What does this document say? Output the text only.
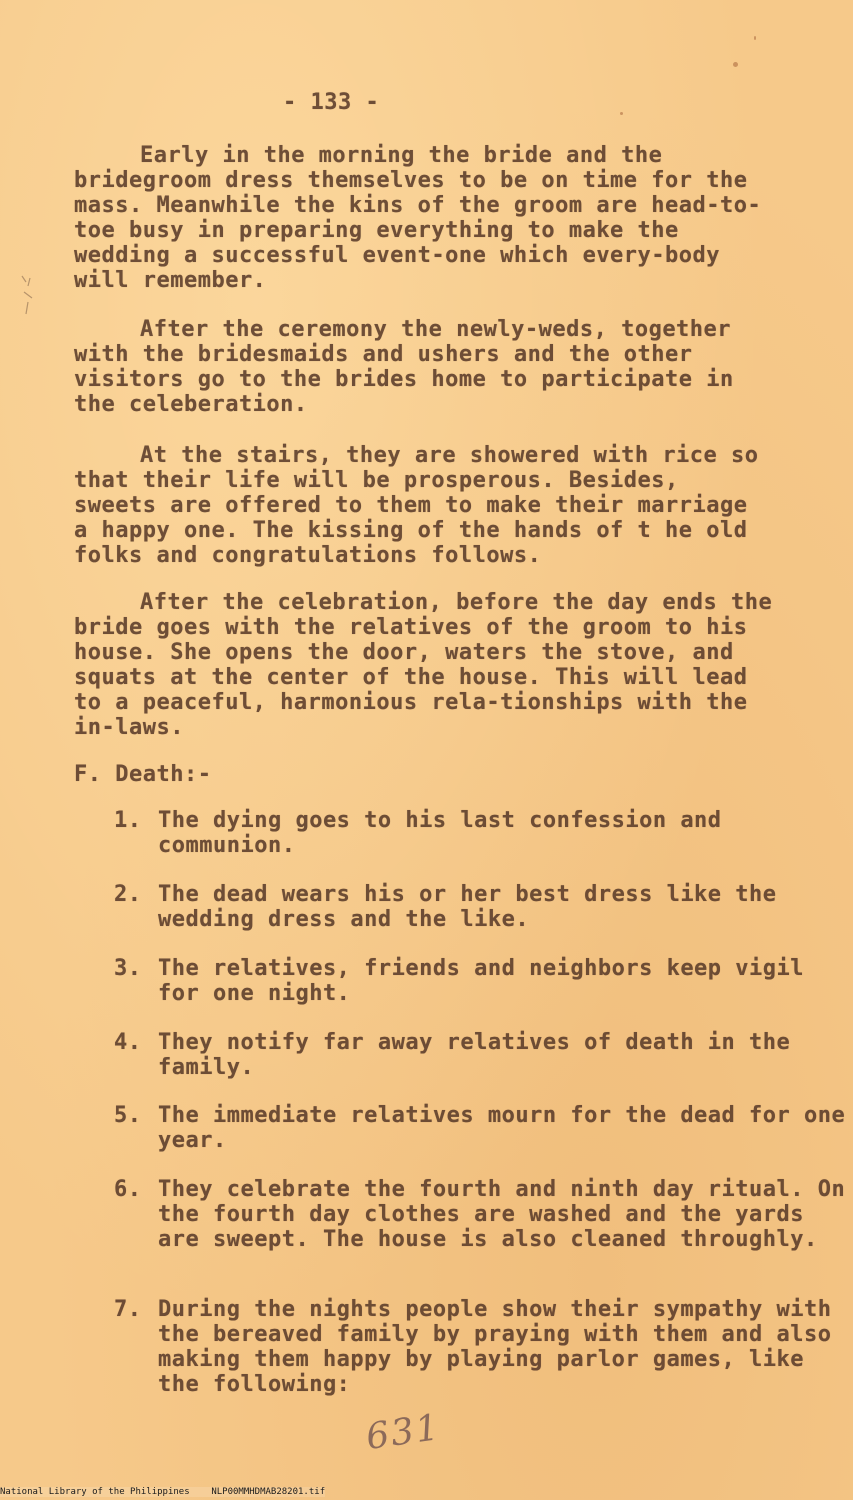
- 133 -

Early in the morning the bride and the bridegroom dress themselves to be on time for the mass. Meanwhile the kins of the groom are head-to-toe busy in preparing everything to make the wedding a successful event-one which every-body will remember.

After the ceremony the newly-weds, together with the bridesmaids and ushers and the other visitors go to the brides home to participate in the celeberation.

At the stairs, they are showered with rice so that their life will be prosperous. Besides, sweets are offered to them to make their marriage a happy one. The kissing of the hands of t he old folks and congratulations follows.

After the celebration, before the day ends the bride goes with the relatives of the groom to his house. She opens the door, waters the stove, and squats at the center of the house. This will lead to a peaceful, harmonious rela-tionships with the in-laws.

F. Death:-
1. The dying goes to his last confession and communion.
2. The dead wears his or her best dress like the wedding dress and the like.
3. The relatives, friends and neighbors keep vigil for one night.
4. They notify far away relatives of death in the family.
5. The immediate relatives mourn for the dead for one year.
6. They celebrate the fourth and ninth day ritual. On the fourth day clothes are washed and the yards are sweept. The house is also cleaned throughly.
7. During the nights people show their sympathy with the bereaved family by praying with them and also making them happy by playing parlor games, like the following:
631
National Library of the Philippines    NLP00MMHDMAB28201.tif
